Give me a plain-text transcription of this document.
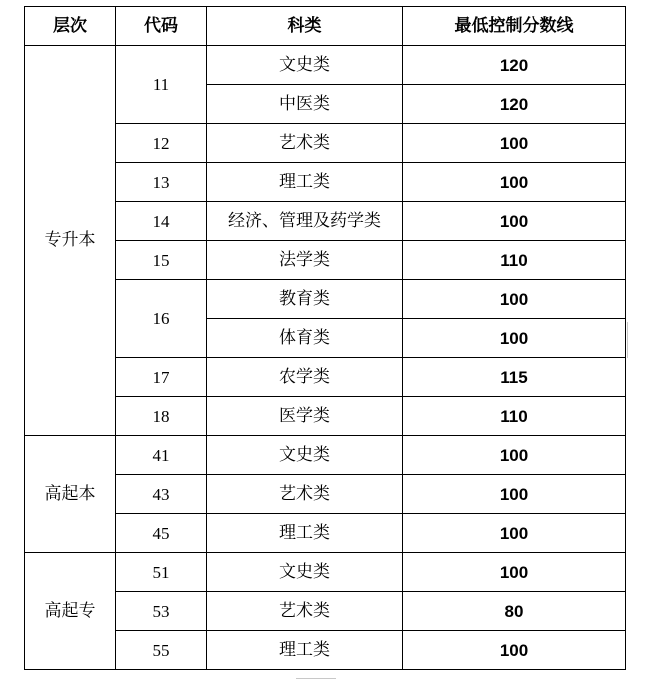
层次	代码	科类	最低控制分数线
专升本	11	文史类	120
		中医类	120
	12	艺术类	100
	13	理工类	100
	14	经济、管理及药学类	100
	15	法学类	110
	16	教育类	100
		体育类	100
	17	农学类	115
	18	医学类	110
高起本	41	文史类	100
	43	艺术类	100
	45	理工类	100
高起专	51	文史类	100
	53	艺术类	80
	55	理工类	100
